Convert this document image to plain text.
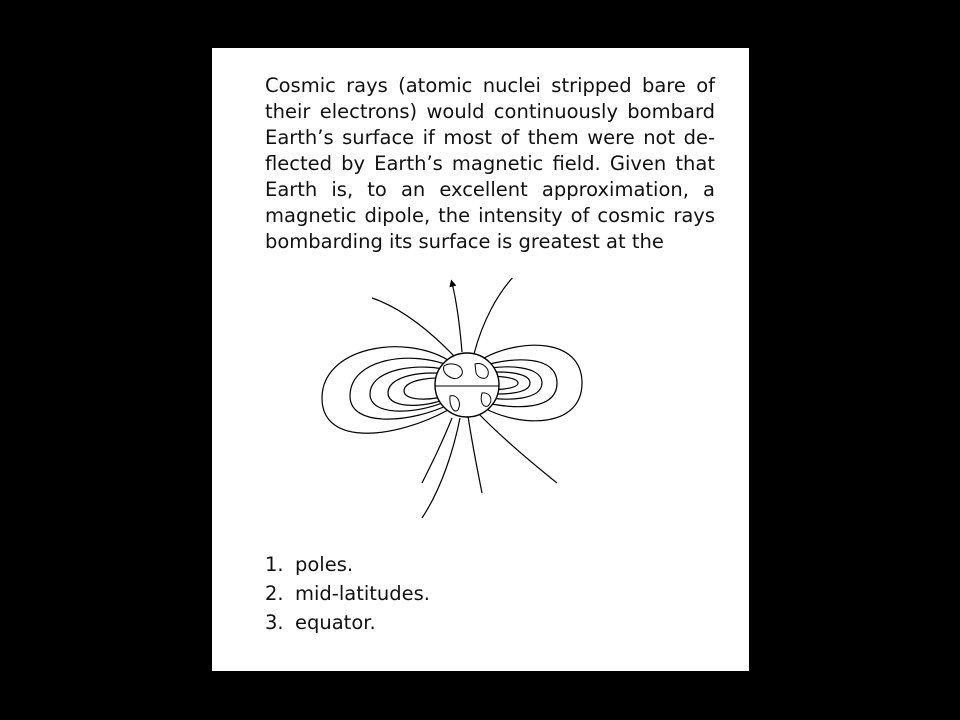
Cosmic rays (atomic nuclei stripped bare of
their electrons) would continuously bombard
Earth’s surface if most of them were not de-
flected by Earth’s magnetic field. Given that
Earth is, to an excellent approximation, a
magnetic dipole, the intensity of cosmic rays
bombarding its surface is greatest at the

1. poles.
2. mid-latitudes.
3. equator.
